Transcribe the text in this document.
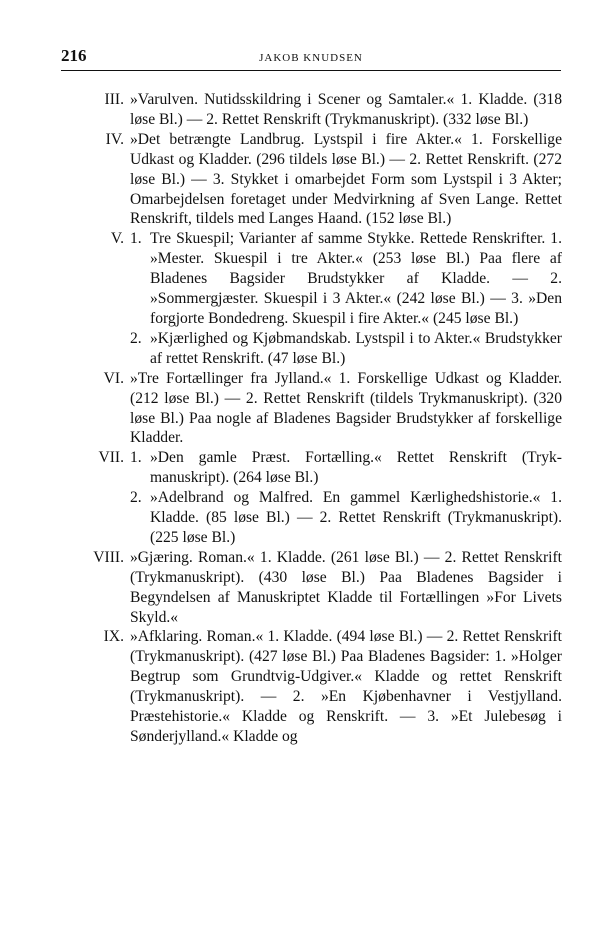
216	JAKOB KNUDSEN
III. »Varulven. Nutidsskildring i Scener og Samtaler.« 1. Kladde. (318 løse Bl.) — 2. Rettet Renskrift (Trykmanuskript). (332 løse Bl.)
IV. »Det betrængte Landbrug. Lystspil i fire Akter.« 1. Forskellige Udkast og Kladder. (296 tildels løse Bl.) — 2. Rettet Renskrift. (272 løse Bl.) — 3. Stykket i omarbejdet Form som Lystspil i 3 Akter; Omarbejdelsen foretaget under Medvirkning af Sven Lange. Rettet Renskrift, tildels med Langes Haand. (152 løse Bl.)
V. 1. Tre Skuespil; Varianter af samme Stykke. Rettede Renskrifter. 1. »Mester. Skuespil i tre Akter.« (253 løse Bl.) Paa flere af Bladenes Bagsider Brudstykker af Kladde. — 2. »Sommergjæster. Skuespil i 3 Akter.« (242 løse Bl.) — 3. »Den forgjorte Bondedreng. Skuespil i fire Akter.« (245 løse Bl.)
2. »Kjærlighed og Kjøbmandskab. Lystspil i to Akter.« Brudstykker af rettet Renskrift. (47 løse Bl.)
VI. »Tre Fortællinger fra Jylland.« 1. Forskellige Udkast og Kladder. (212 løse Bl.) — 2. Rettet Renskrift (tildels Trykmanuskript). (320 løse Bl.) Paa nogle af Bladenes Bagsider Brudstykker af forskellige Kladder.
VII. 1. »Den gamle Præst. Fortælling.« Rettet Renskrift (Trykmanuskript). (264 løse Bl.)
2. »Adelbrand og Malfred. En gammel Kærlighedshistorie.« 1. Kladde. (85 løse Bl.) — 2. Rettet Renskrift (Trykmanuskript). (225 løse Bl.)
VIII. »Gjæring. Roman.« 1. Kladde. (261 løse Bl.) — 2. Rettet Renskrift (Trykmanuskript). (430 løse Bl.) Paa Bladenes Bagsider i Begyndelsen af Manuskriptet Kladde til Fortællingen »For Livets Skyld.«
IX. »Afklaring. Roman.« 1. Kladde. (494 løse Bl.) — 2. Rettet Renskrift (Trykmanuskript). (427 løse Bl.) Paa Bladenes Bagsider: 1. »Holger Begtrup som Grundtvig-Udgiver.« Kladde og rettet Renskrift (Trykmanuskript). — 2. »En Kjøbenhavner i Vestjylland. Præstehistorie.« Kladde og Renskrift. — 3. »Et Julebesøg i Sønderjylland.« Kladde og
